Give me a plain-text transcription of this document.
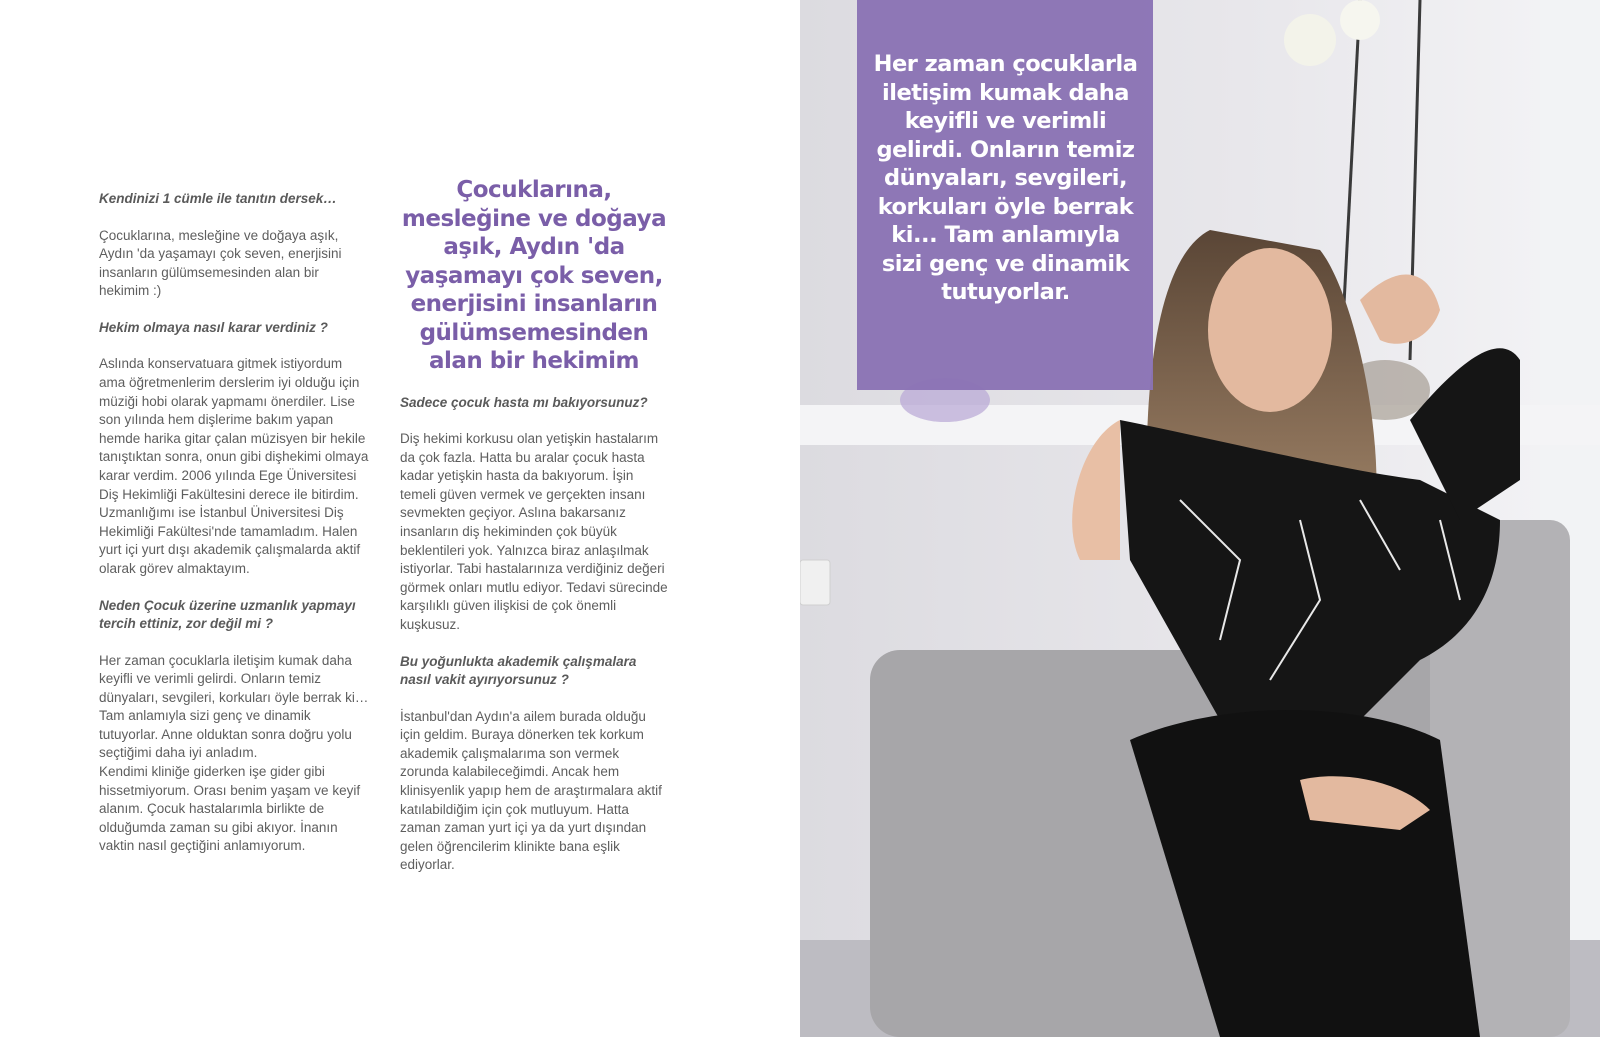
Kendinizi 1 cümle ile tanıtın dersek…

Çocuklarına, mesleğine ve doğaya aşık, Aydın 'da yaşamayı çok seven, enerjisini insanların gülümsemesinden alan bir hekimim :)

Hekim olmaya nasıl karar verdiniz ?

Aslında konservatuara gitmek istiyordum ama öğretmenlerim derslerim iyi olduğu için müziği hobi olarak yapmamı önerdiler. Lise son yılında hem dişlerime bakım yapan hemde harika gitar çalan müzisyen bir hekile tanıştıktan sonra, onun gibi dişhekimi olmaya karar verdim. 2006 yılında Ege Üniversitesi Diş Hekimliği Fakültesini derece ile bitirdim. Uzmanlığımı ise İstanbul Üniversitesi Diş Hekimliği Fakültesi'nde tamamladım. Halen yurt içi yurt dışı akademik çalışmalarda aktif olarak görev almaktayım.

Neden Çocuk üzerine uzmanlık yapmayı tercih ettiniz, zor değil mi ?

Her zaman çocuklarla iletişim kumak daha keyifli ve verimli gelirdi. Onların temiz dünyaları, sevgileri, korkuları öyle berrak ki… Tam anlamıyla sizi genç ve dinamik tutuyorlar. Anne olduktan sonra doğru yolu seçtiğimi daha iyi anladım.
Kendimi kliniğe giderken işe gider gibi hissetmiyorum. Orası benim yaşam ve keyif alanım. Çocuk hastalarımla birlikte de olduğumda zaman su gibi akıyor. İnanın vaktin nasıl geçtiğini anlamıyorum.

Çocuklarına, mesleğine ve doğaya aşık, Aydın 'da yaşamayı çok seven, enerjisini insanların gülümsemesinden alan bir hekimim

Sadece çocuk hasta mı bakıyorsunuz?

Diş hekimi korkusu olan yetişkin hastalarım da çok fazla. Hatta bu aralar çocuk hasta kadar yetişkin hasta da bakıyorum. İşin temeli güven vermek ve gerçekten insanı sevmekten geçiyor. Aslına bakarsanız insanların diş hekiminden çok büyük beklentileri yok. Yalnızca biraz anlaşılmak istiyorlar. Tabi hastalarınıza verdiğiniz değeri görmek onları mutlu ediyor. Tedavi sürecinde karşılıklı güven ilişkisi de çok önemli kuşkusuz.

Bu yoğunlukta akademik çalışmalara nasıl vakit ayırıyorsunuz ?

İstanbul'dan Aydın'a ailem burada olduğu için geldim. Buraya dönerken tek korkum akademik çalışmalarıma son vermek zorunda kalabileceğimdi. Ancak hem klinisyenlik yapıp hem de araştırmalara aktif katılabildiğim için çok mutluyum. Hatta zaman zaman yurt içi ya da yurt dışından gelen öğrencilerim klinikte bana eşlik ediyorlar.

Her zaman çocuklarla iletişim kumak daha keyifli ve verimli gelirdi. Onların temiz dünyaları, sevgileri, korkuları öyle berrak ki... Tam anlamıyla sizi genç ve dinamik tutuyorlar.
